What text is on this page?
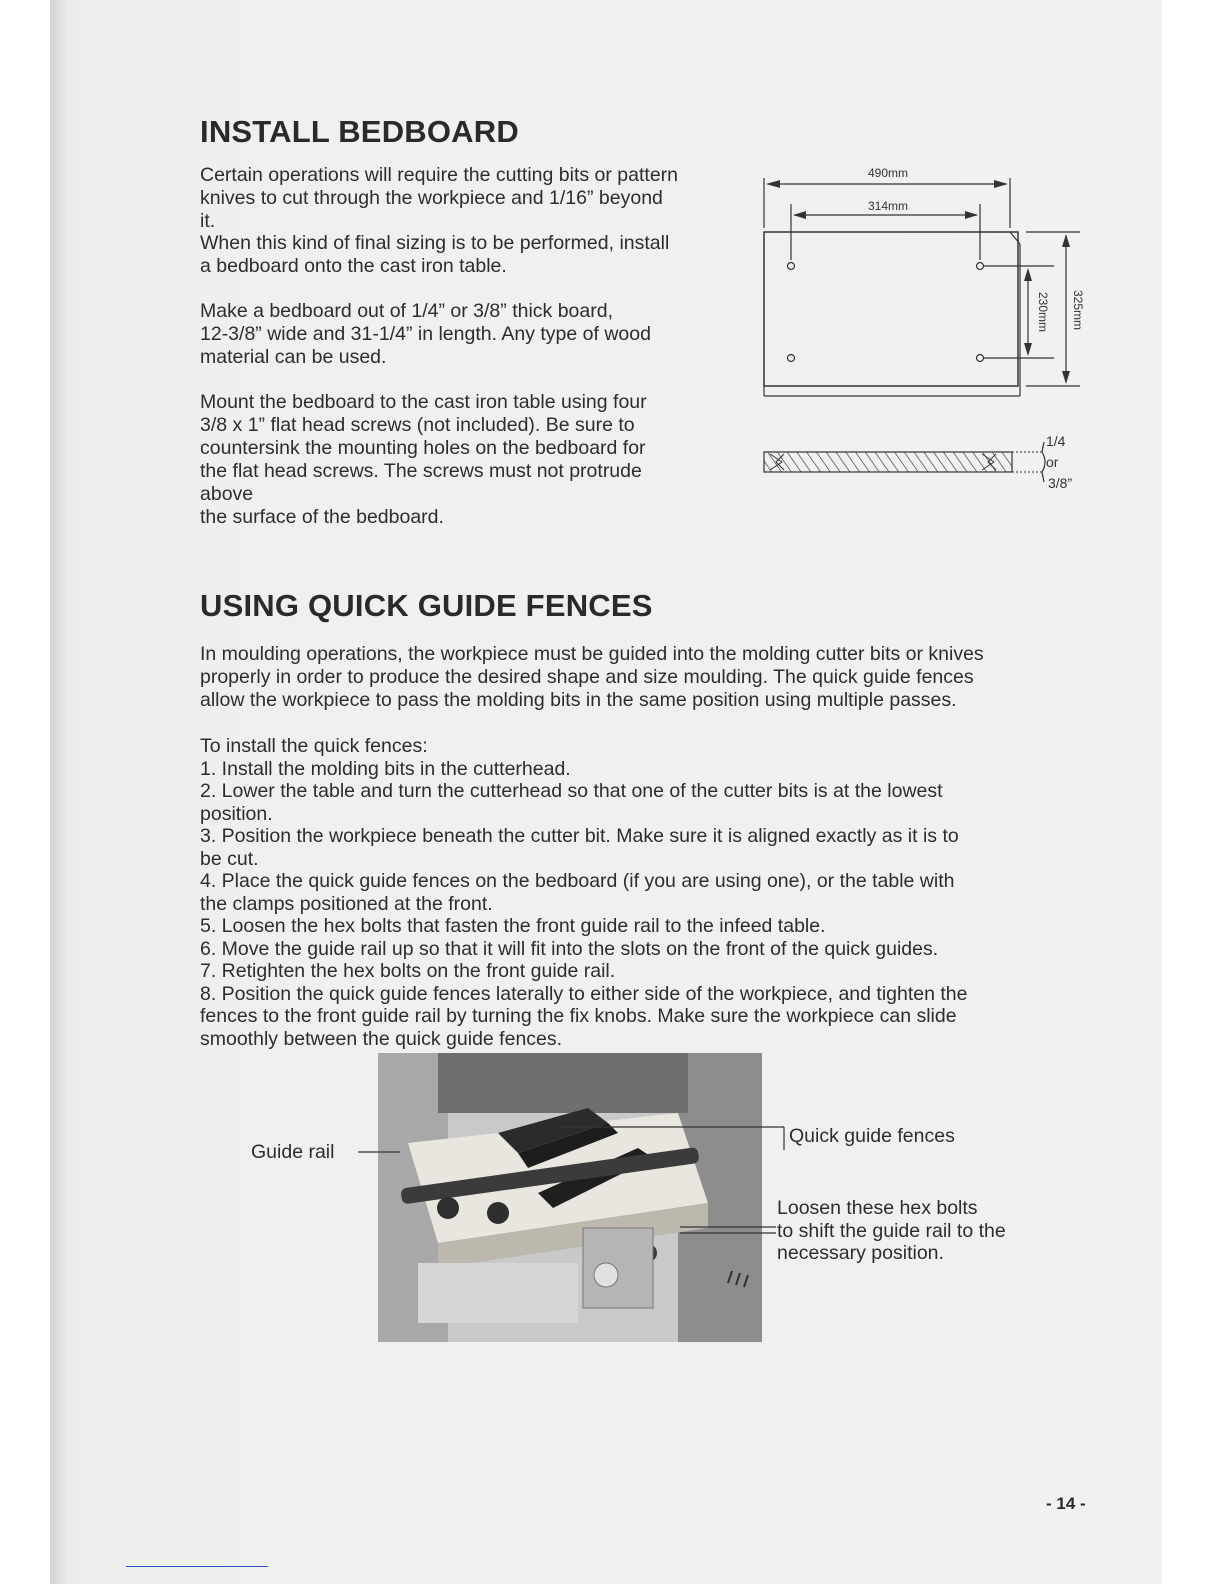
INSTALL BEDBOARD
Certain operations will require the cutting bits or pattern
knives to cut through the workpiece and 1/16” beyond
it.
When this kind of final sizing is to be performed, install
a bedboard onto the cast iron table.
Make a bedboard out of 1/4” or 3/8” thick board,
12-3/8” wide and 31-1/4” in length. Any type of wood
material can be used.
Mount the bedboard to the cast iron table using four
3/8 x 1” flat head screws (not included). Be sure to
countersink the mounting holes on the bedboard for
the flat head screws. The screws must not protrude
above
the surface of the bedboard.
490mm
314mm
230mm 325mm
1/4
or
3/8”
USING QUICK GUIDE FENCES
In moulding operations, the workpiece must be guided into the molding cutter bits or knives
properly in order to produce the desired shape and size moulding. The quick guide fences
allow the workpiece to pass the molding bits in the same position using multiple passes.
To install the quick fences:
1. Install the molding bits in the cutterhead.
2. Lower the table and turn the cutterhead so that one of the cutter bits is at the lowest
position.
3. Position the workpiece beneath the cutter bit. Make sure it is aligned exactly as it is to
be cut.
4. Place the quick guide fences on the bedboard (if you are using one), or the table with
the clamps positioned at the front.
5. Loosen the hex bolts that fasten the front guide rail to the infeed table.
6. Move the guide rail up so that it will fit into the slots on the front of the quick guides.
7. Retighten the hex bolts on the front guide rail.
8. Position the quick guide fences laterally to either side of the workpiece, and tighten the
fences to the front guide rail by turning the fix knobs. Make sure the workpiece can slide
smoothly between the quick guide fences.
Guide rail
Quick guide fences
Loosen these hex bolts
to shift the guide rail to the
necessary position.
- 14 -
